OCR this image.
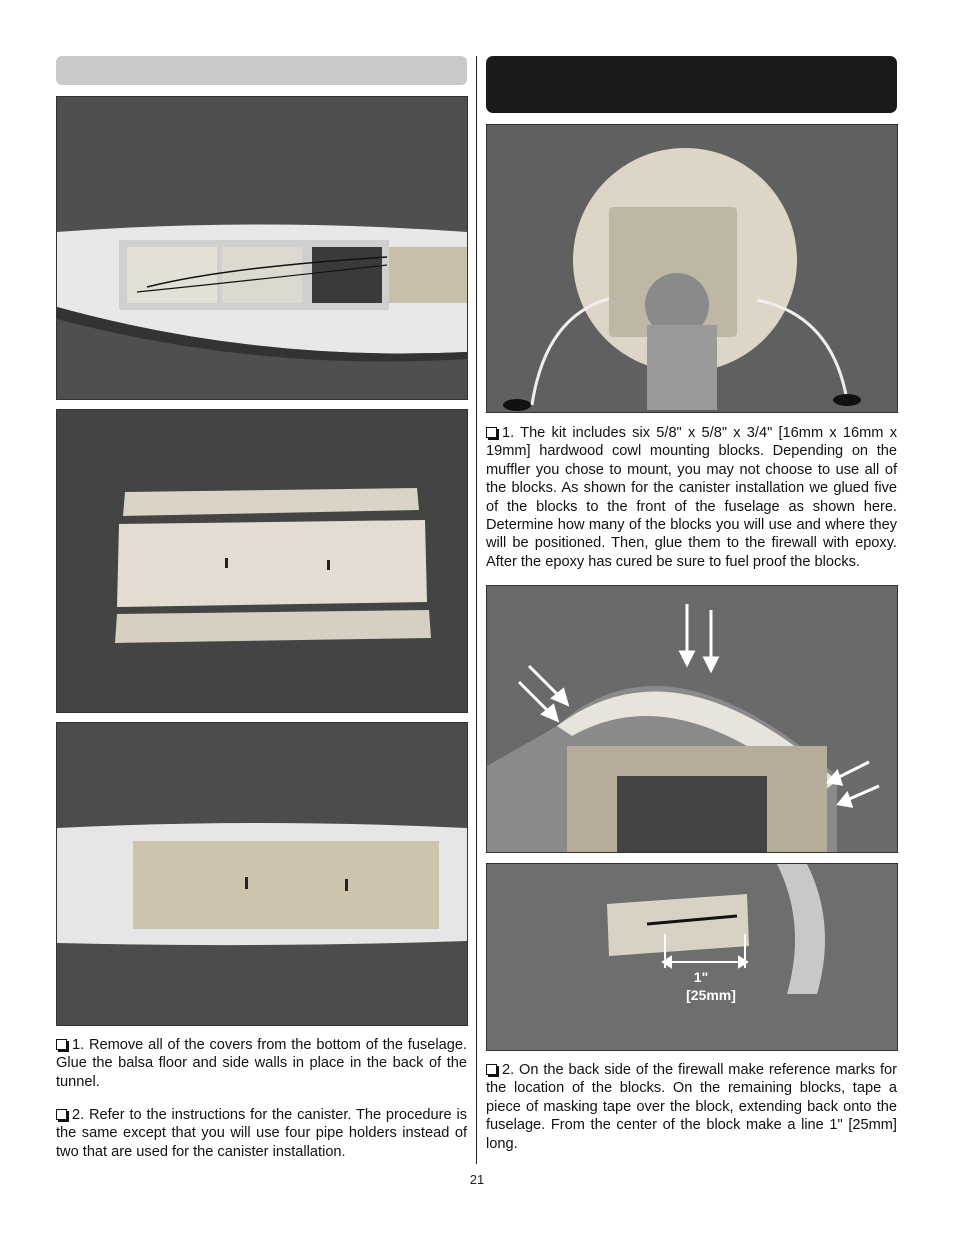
1. Remove all of the covers from the bottom of the fuselage. Glue the balsa floor and side walls in place in the back of the tunnel.
2. Refer to the instructions for the canister. The procedure is the same except that you will use four pipe holders instead of two that are used for the canister installation.
1"
[25mm]
1. The kit includes six 5/8" x 5/8" x 3/4" [16mm x 16mm x 19mm] hardwood cowl mounting blocks. Depending on the muffler you chose to mount, you may not choose to use all of the blocks. As shown for the canister installation we glued five of the blocks to the front of the fuselage as shown here. Determine how many of the blocks you will use and where they will be positioned. Then, glue them to the firewall with epoxy. After the epoxy has cured be sure to fuel proof the blocks.
2. On the back side of the firewall make reference marks for the location of the blocks. On the remaining blocks, tape a piece of masking tape over the block, extending back onto the fuselage. From the center of the block make a line 1" [25mm] long.
21
